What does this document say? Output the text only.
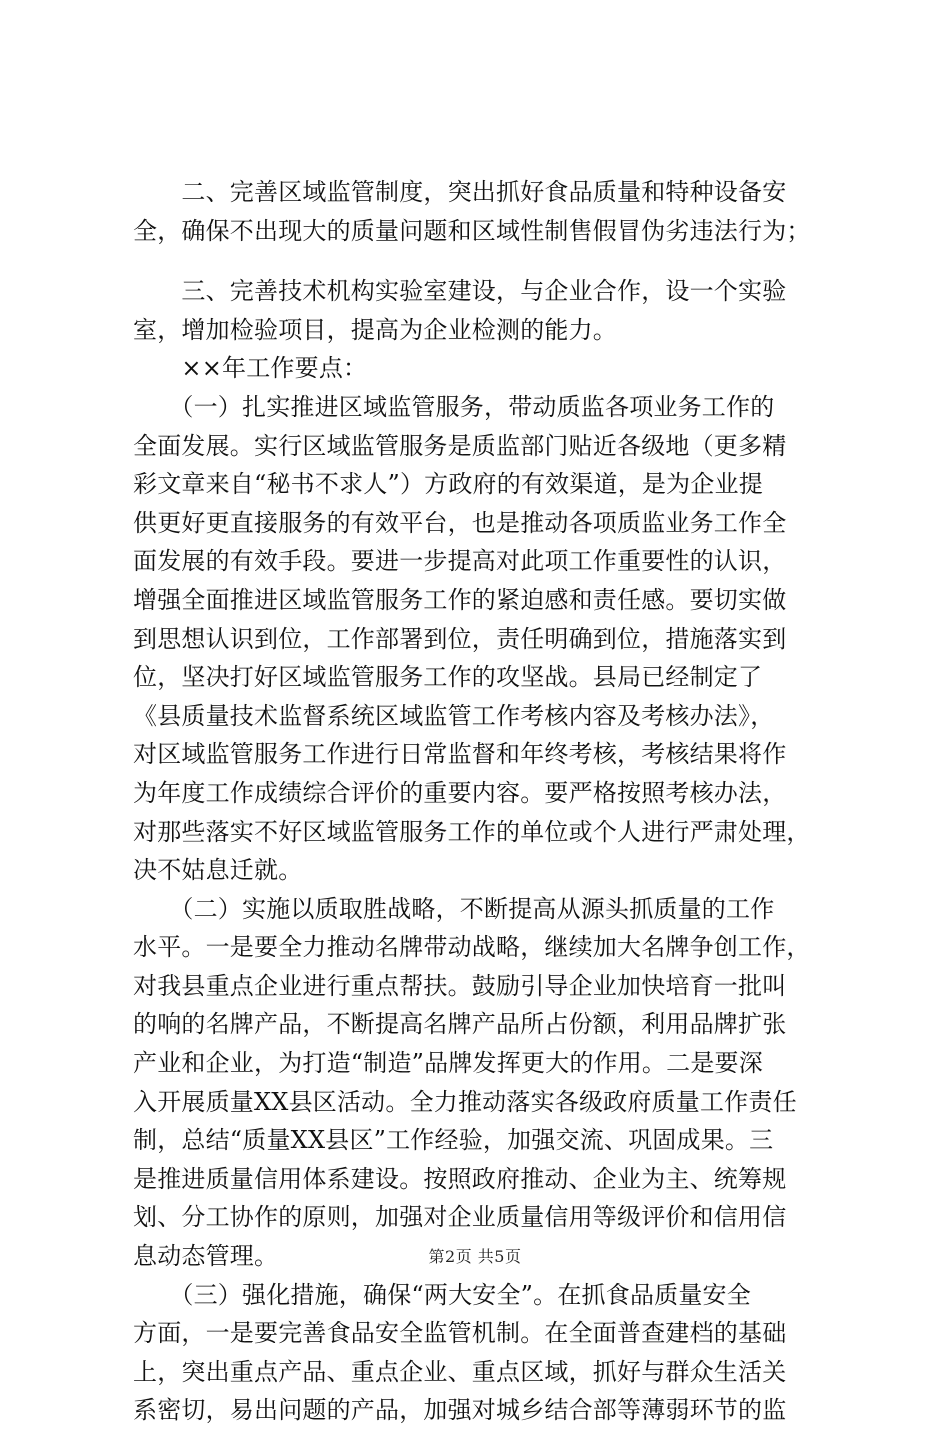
　　二、完善区域监管制度，突出抓好食品质量和特种设备安
全，确保不出现大的质量问题和区域性制售假冒伪劣违法行为；

　　三、完善技术机构实验室建设，与企业合作，设一个实验
室，增加检验项目，提高为企业检测的能力。

　　××年工作要点：

　　（一）扎实推进区域监管服务，带动质监各项业务工作的
全面发展。实行区域监管服务是质监部门贴近各级地（更多精
彩文章来自“秘书不求人”）方政府的有效渠道，是为企业提
供更好更直接服务的有效平台，也是推动各项质监业务工作全
面发展的有效手段。要进一步提高对此项工作重要性的认识，
增强全面推进区域监管服务工作的紧迫感和责任感。要切实做
到思想认识到位，工作部署到位，责任明确到位，措施落实到
位，坚决打好区域监管服务工作的攻坚战。县局已经制定了
《县质量技术监督系统区域监管工作考核内容及考核办法》，
对区域监管服务工作进行日常监督和年终考核，考核结果将作
为年度工作成绩综合评价的重要内容。要严格按照考核办法，
对那些落实不好区域监管服务工作的单位或个人进行严肃处理，
决不姑息迁就。

　　（二）实施以质取胜战略，不断提高从源头抓质量的工作
水平。一是要全力推动名牌带动战略，继续加大名牌争创工作，
对我县重点企业进行重点帮扶。鼓励引导企业加快培育一批叫
的响的名牌产品，不断提高名牌产品所占份额，利用品牌扩张
产业和企业，为打造“制造”品牌发挥更大的作用。二是要深
入开展质量XX县区活动。全力推动落实各级政府质量工作责任
制，总结“质量XX县区”工作经验，加强交流、巩固成果。三
是推进质量信用体系建设。按照政府推动、企业为主、统筹规
划、分工协作的原则，加强对企业质量信用等级评价和信用信
息动态管理。

　　（三）强化措施，确保“两大安全”。在抓食品质量安全
方面，一是要完善食品安全监管机制。在全面普查建档的基础
上，突出重点产品、重点企业、重点区域，抓好与群众生活关
系密切，易出问题的产品，加强对城乡结合部等薄弱环节的监

第2页 共5页
